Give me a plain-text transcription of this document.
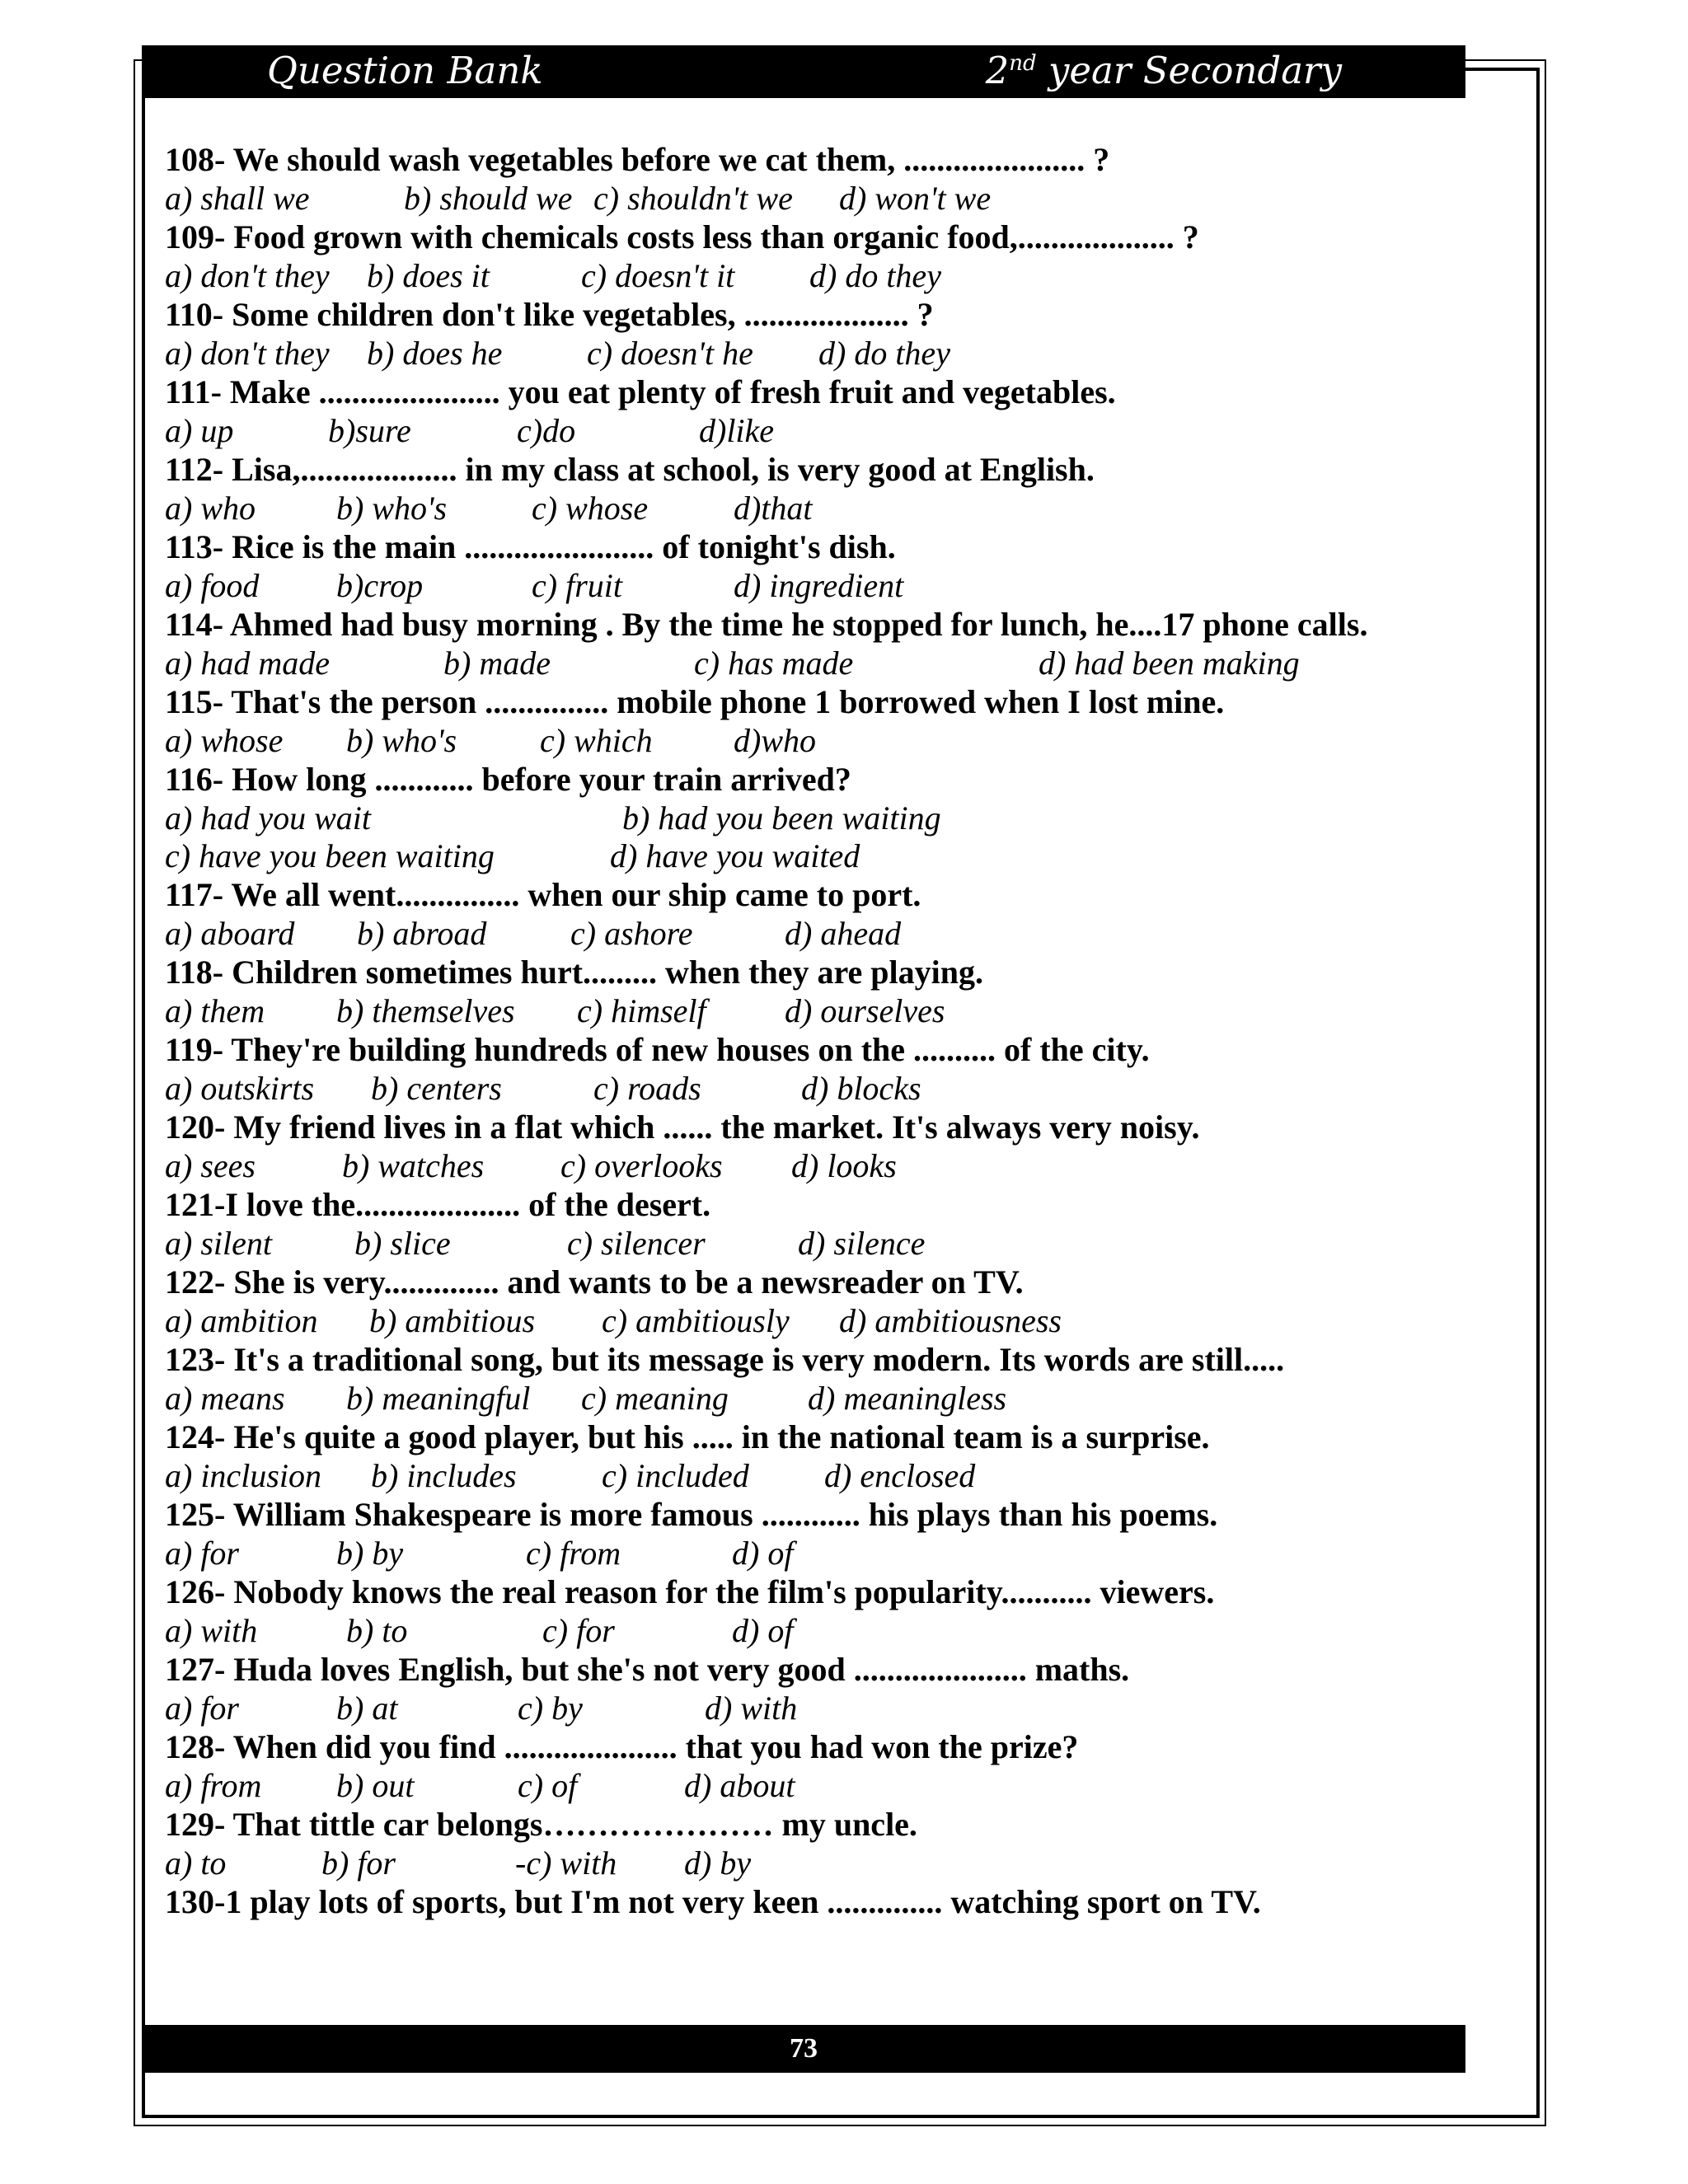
Question Bank	2nd year Secondary
108- We should wash vegetables before we cat them, ...................... ?
a) shall we	b) should we c) shouldn't we d) won't we
109- Food grown with chemicals costs less than organic food,................... ?
a) don't they b) does it	c) doesn't it d) do they
110- Some children don't like vegetables, .................... ?
a) don't they b) does he	c) doesn't he d) do they
111- Make ...................... you eat plenty of fresh fruit and vegetables.
a) up	b)sure	c)do	d)like
112- Lisa,................... in my class at school, is very good at English.
a) who b) who's	c) whose	d)that
113- Rice is the main ....................... of tonight's dish.
a) food b)crop	c) fruit	d) ingredient
114- Ahmed had busy morning . By the time he stopped for lunch, he....17 phone calls.
a) had made	b) made	c) has made	d) had been making
115- That's the person ............... mobile phone 1 borrowed when I lost mine.
a) whose b) who's	c) which d)who
116- How long ............ before your train arrived?
a) had you wait	b) had you been waiting
c) have you been waiting	d) have you waited
117- We all went............... when our ship came to port.
a) aboard b) abroad	c) ashore	d) ahead
118- Children sometimes hurt......... when they are playing.
a) them b) themselves c) himself d) ourselves
119- They're building hundreds of new houses on the .......... of the city.
a) outskirts b) centers	c) roads	d) blocks
120- My friend lives in a flat which ...... the market. It's always very noisy.
a) sees	b) watches c) overlooks d) looks
121-I love the.................... of the desert.
a) silent	b) slice	c) silencer	d) silence
122- She is very.............. and wants to be a newsreader on TV.
a) ambition b) ambitious c) ambitiously d) ambitiousness
123- It's a traditional song, but its message is very modern. Its words are still.....
a) means b) meaningful c) meaning d) meaningless
124- He's quite a good player, but his ..... in the national team is a surprise.
a) inclusion b) includes	c) included d) enclosed
125- William Shakespeare is more famous ............ his plays than his poems.
a) for	b) by	c) from	d) of
126- Nobody knows the real reason for the film's popularity........... viewers.
a) with	b) to	c) for	d) of
127- Huda loves English, but she's not very good ..................... maths.
a) for	b) at	c) by	d) with
128- When did you find ..................... that you had won the prize?
a) from b) out	c) of	d) about
129- That tittle car belongs………………… my uncle.
a) to	b) for	-c) with d) by
130-1 play lots of sports, but I'm not very keen .............. watching sport on TV.
73
